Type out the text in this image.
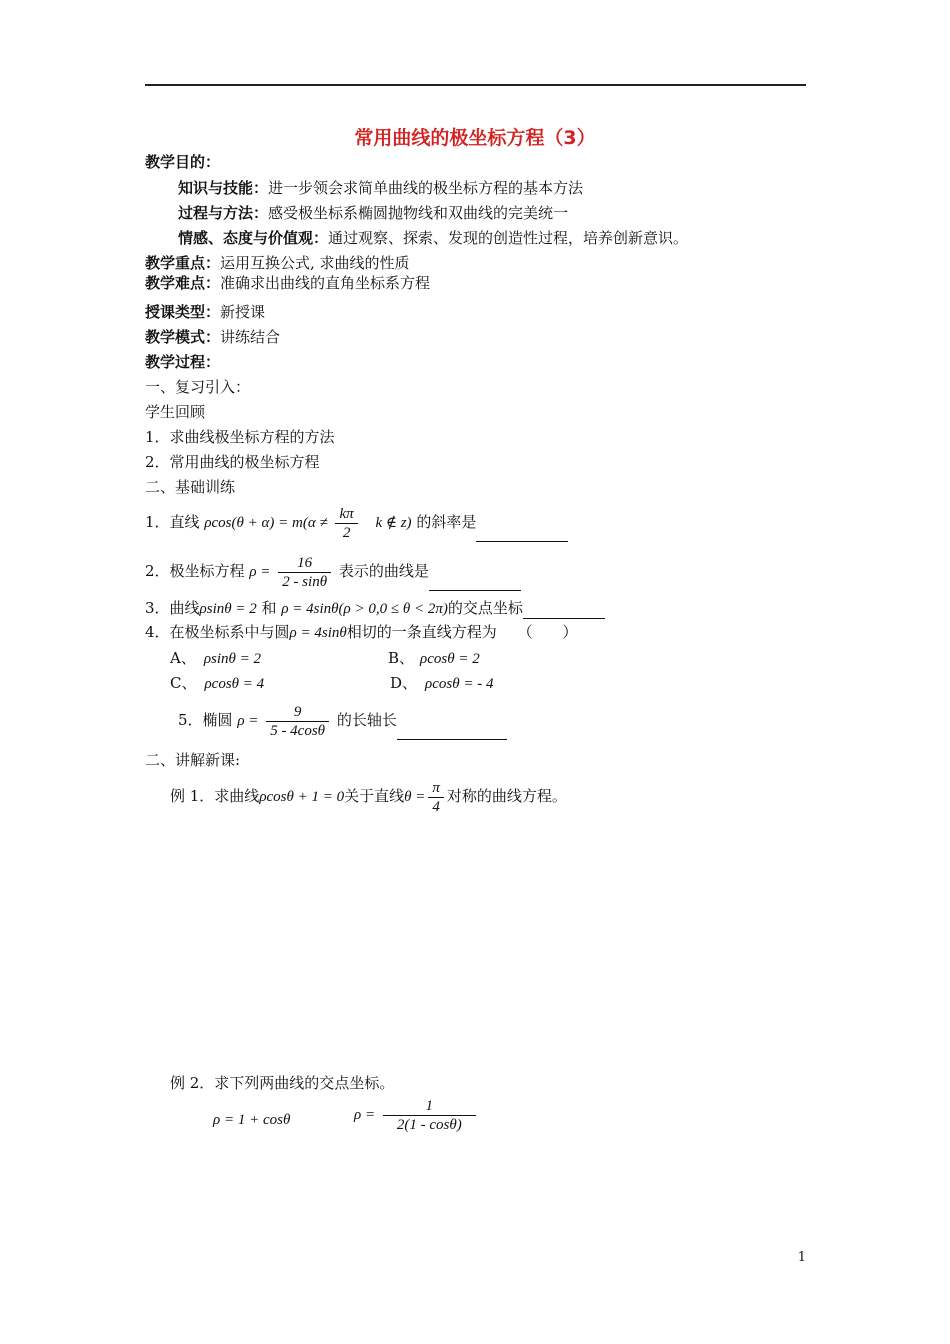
常用曲线的极坐标方程（3）
教学目的：
知识与技能：进一步领会求简单曲线的极坐标方程的基本方法
过程与方法：感受极坐标系椭圆抛物线和双曲线的完美统一
情感、态度与价值观：通过观察、探索、发现的创造性过程，培养创新意识。
教学重点：运用互换公式, 求曲线的性质
教学难点：准确求出曲线的直角坐标系方程
授课类型：新授课
教学模式：讲练结合
教学过程：
一、复习引入：
学生回顾
1．求曲线极坐标方程的方法
2．常用曲线的极坐标方程
二、基础训练
1．直线 $\rho\cos(\theta + \alpha) = m(\alpha \ne \frac{k\pi}{2}$ k ∉ z) 的斜率是
2．极坐标方程 $\rho = \frac{16}{2 - \sin\theta}$ 表示的曲线是
3．曲线ρsinθ = 2 和 ρ = 4sinθ(ρ > 0,0 ≤ θ < 2π)的交点坐标
4．在极坐标系中与圆ρ = 4sinθ相切的一条直线方程为 （　　）
A、 ρsinθ = 2	B、 ρcosθ = 2
C、 ρcosθ = 4	D、 ρcosθ = - 4
5．椭圆 $\rho = \frac{9}{5 - 4\cos\theta}$ 的长轴长
二、讲解新课:
例 1．求曲线ρcosθ + 1 = 0关于直线$\theta = \frac{\pi}{4}$ 对称的曲线方程。
例 2．求下列两曲线的交点坐标。
ρ = 1 + cosθ	$\rho = \frac{1}{2(1 - \cos\theta)}$
1
